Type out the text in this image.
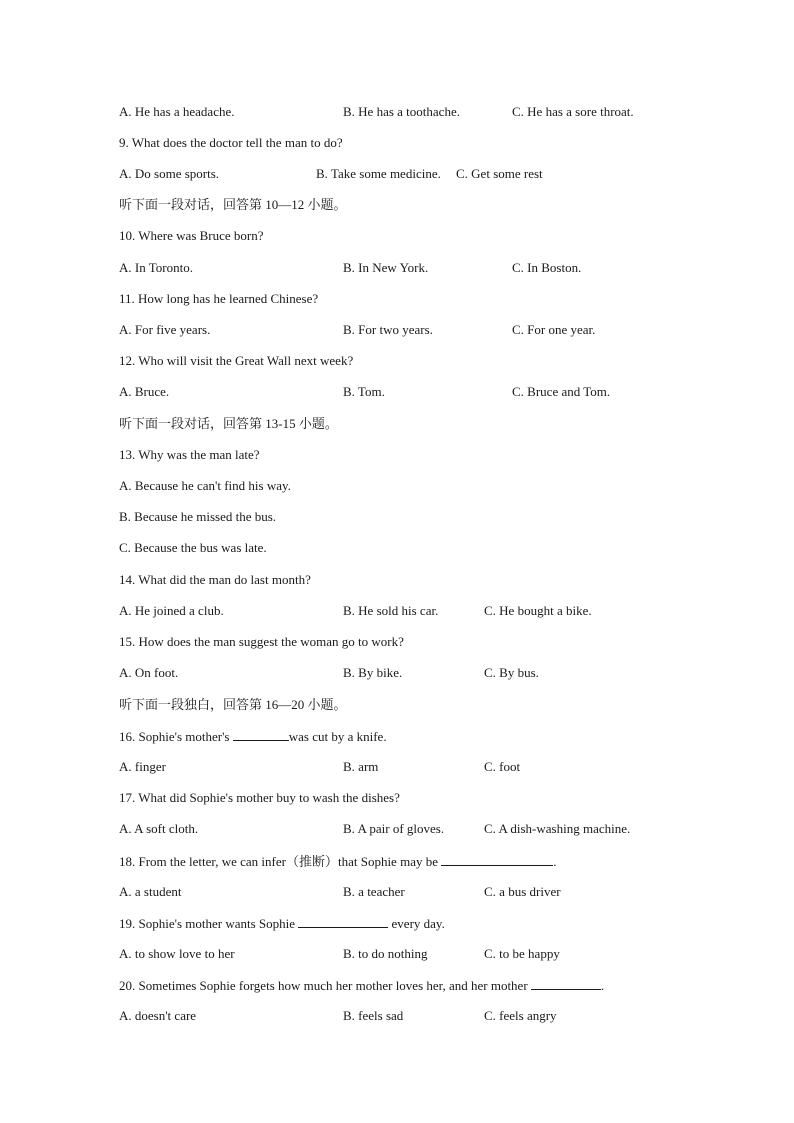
A. He has a headache.	B. He has a toothache.	C. He has a sore throat.
9. What does the doctor tell the man to do?
A. Do some sports.	B. Take some medicine. C. Get some rest
听下面一段对话，回答第 10—12 小题。
10. Where was Bruce born?
A. In Toronto.	B. In New York.	C. In Boston.
11. How long has he learned Chinese?
A. For five years.	B. For two years.	C. For one year.
12. Who will visit the Great Wall next week?
A. Bruce.	B. Tom.	C. Bruce and Tom.
听下面一段对话，回答第 13-15 小题。
13. Why was the man late?
A. Because he can't find his way.
B. Because he missed the bus.
C. Because the bus was late.
14. What did the man do last month?
A. He joined a club.	B. He sold his car.	C. He bought a bike.
15. How does the man suggest the woman go to work?
A. On foot.	B. By bike.	C. By bus.
听下面一段独白，回答第 16—20 小题。
16. Sophie's mother's	was cut by a knife.
A. finger	B. arm	C. foot
17. What did Sophie's mother buy to wash the dishes?
A. A soft cloth.	B. A pair of gloves.	C. A dish-washing machine.
18. From the letter, we can infer（推断）that Sophie may be	.
A. a student	B. a teacher	C. a bus driver
19. Sophie's mother wants Sophie	every day.
A. to show love to her	B. to do nothing	C. to be happy
20. Sometimes Sophie forgets how much her mother loves her, and her mother	.
A. doesn't care	B. feels sad	C. feels angry
